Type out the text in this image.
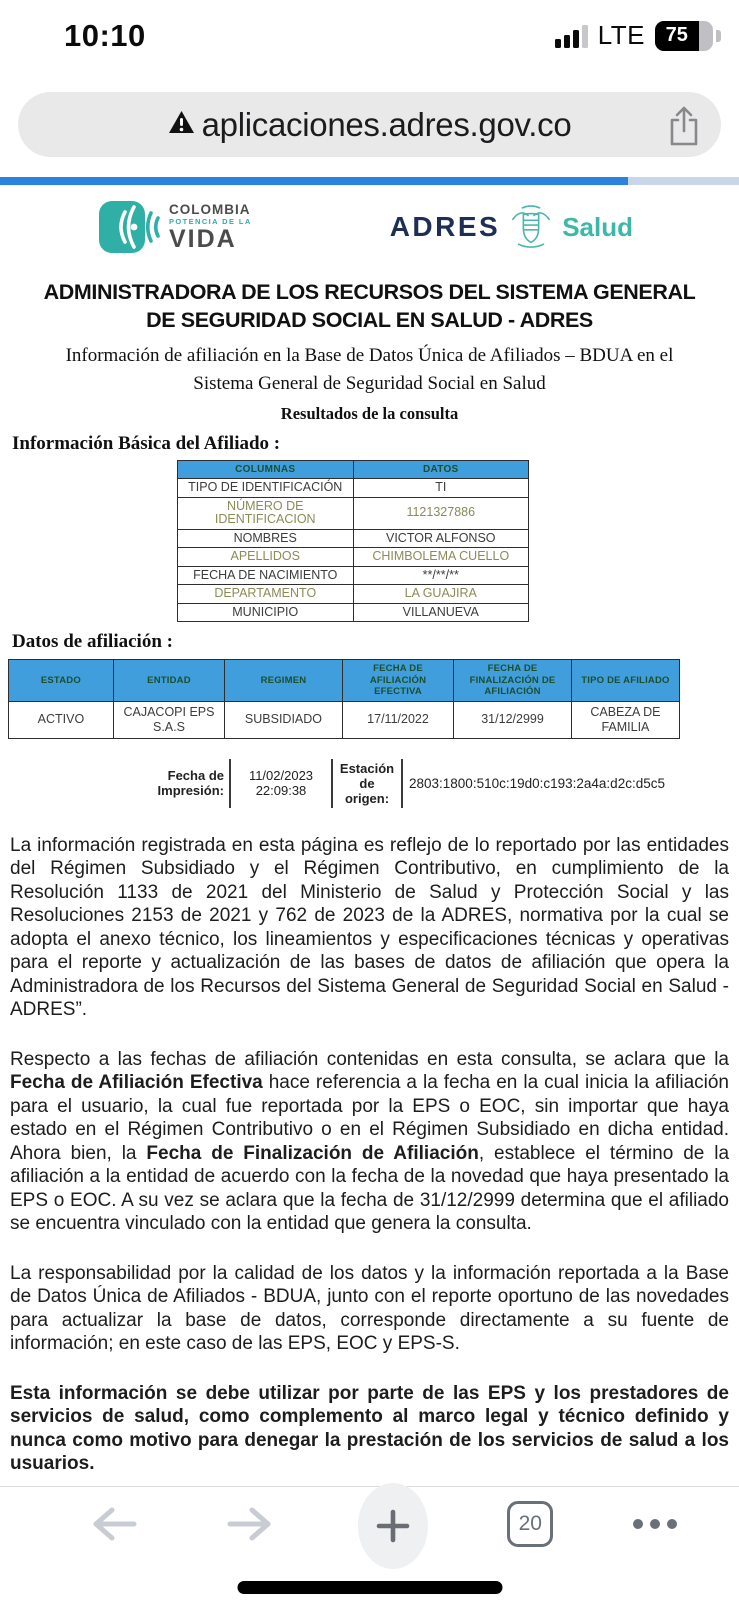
10:10	LTE 75
aplicaciones.adres.gov.co
COLOMBIA
POTENCIA DE LA
VIDA	ADRES Salud
ADMINISTRADORA DE LOS RECURSOS DEL SISTEMA GENERAL DE SEGURIDAD SOCIAL EN SALUD - ADRES
Información de afiliación en la Base de Datos Única de Afiliados – BDUA en el Sistema General de Seguridad Social en Salud
Resultados de la consulta
Información Básica del Afiliado :
COLUMNAS	DATOS
TIPO DE IDENTIFICACIÓN	TI
NÚMERO DE IDENTIFICACION	1121327886
NOMBRES	VICTOR ALFONSO
APELLIDOS	CHIMBOLEMA CUELLO
FECHA DE NACIMIENTO	**/**/**
DEPARTAMENTO	LA GUAJIRA
MUNICIPIO	VILLANUEVA
Datos de afiliación :
ESTADO	ENTIDAD	REGIMEN	FECHA DE AFILIACIÓN EFECTIVA	FECHA DE FINALIZACIÓN DE AFILIACIÓN	TIPO DE AFILIADO
ACTIVO	CAJACOPI EPS S.A.S	SUBSIDIADO	17/11/2022	31/12/2999	CABEZA DE FAMILIA
Fecha de Impresión:
11/02/2023 22:09:38
Estación de origen:
2803:1800:510c:19d0:c193:2a4a:d2c:d5c5

La información registrada en esta página es reflejo de lo reportado por las entidades del Régimen Subsidiado y el Régimen Contributivo, en cumplimiento de la Resolución 1133 de 2021 del Ministerio de Salud y Protección Social y las Resoluciones 2153 de 2021 y 762 de 2023 de la ADRES, normativa por la cual se adopta el anexo técnico, los lineamientos y especificaciones técnicas y operativas para el reporte y actualización de las bases de datos de afiliación que opera la Administradora de los Recursos del Sistema General de Seguridad Social en Salud - ADRES”.

Respecto a las fechas de afiliación contenidas en esta consulta, se aclara que la Fecha de Afiliación Efectiva hace referencia a la fecha en la cual inicia la afiliación para el usuario, la cual fue reportada por la EPS o EOC, sin importar que haya estado en el Régimen Contributivo o en el Régimen Subsidiado en dicha entidad. Ahora bien, la Fecha de Finalización de Afiliación, establece el término de la afiliación a la entidad de acuerdo con la fecha de la novedad que haya presentado la EPS o EOC. A su vez se aclara que la fecha de 31/12/2999 determina que el afiliado se encuentra vinculado con la entidad que genera la consulta.

La responsabilidad por la calidad de los datos y la información reportada a la Base de Datos Única de Afiliados - BDUA, junto con el reporte oportuno de las novedades para actualizar la base de datos, corresponde directamente a su fuente de información; en este caso de las EPS, EOC y EPS-S.

Esta información se debe utilizar por parte de las EPS y los prestadores de servicios de salud, como complemento al marco legal y técnico definido y nunca como motivo para denegar la prestación de los servicios de salud a los usuarios.

20
